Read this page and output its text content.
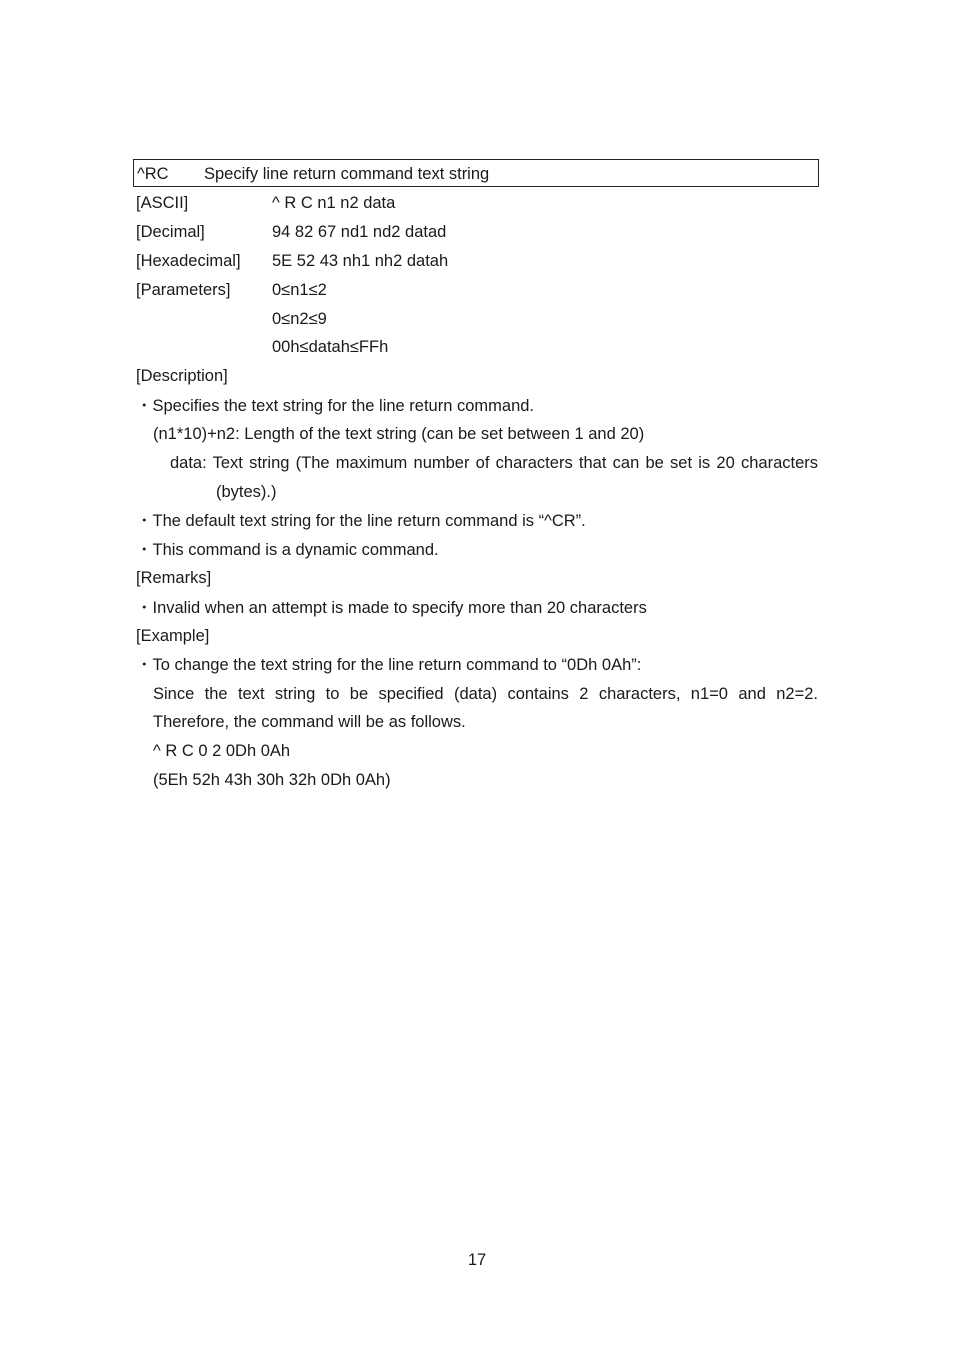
^RC Specify line return command text string
[ASCII]	^ R C n1 n2 data
[Decimal]	94 82 67 nd1 nd2 datad
[Hexadecimal] 5E 52 43 nh1 nh2 datah
[Parameters]	0≤n1≤2
0≤n2≤9
00h≤datah≤FFh
[Description]
・Specifies the text string for the line return command.
(n1*10)+n2: Length of the text string (can be set between 1 and 20)
data: Text string (The maximum number of characters that can be set is 20 characters
(bytes).)
・The default text string for the line return command is “^CR”.
・This command is a dynamic command.
[Remarks]
・Invalid when an attempt is made to specify more than 20 characters
[Example]
・To change the text string for the line return command to “0Dh 0Ah”:
Since the text string to be specified (data) contains 2 characters, n1=0 and n2=2.
Therefore, the command will be as follows.
^ R C 0 2 0Dh 0Ah
(5Eh 52h 43h 30h 32h 0Dh 0Ah)
17
